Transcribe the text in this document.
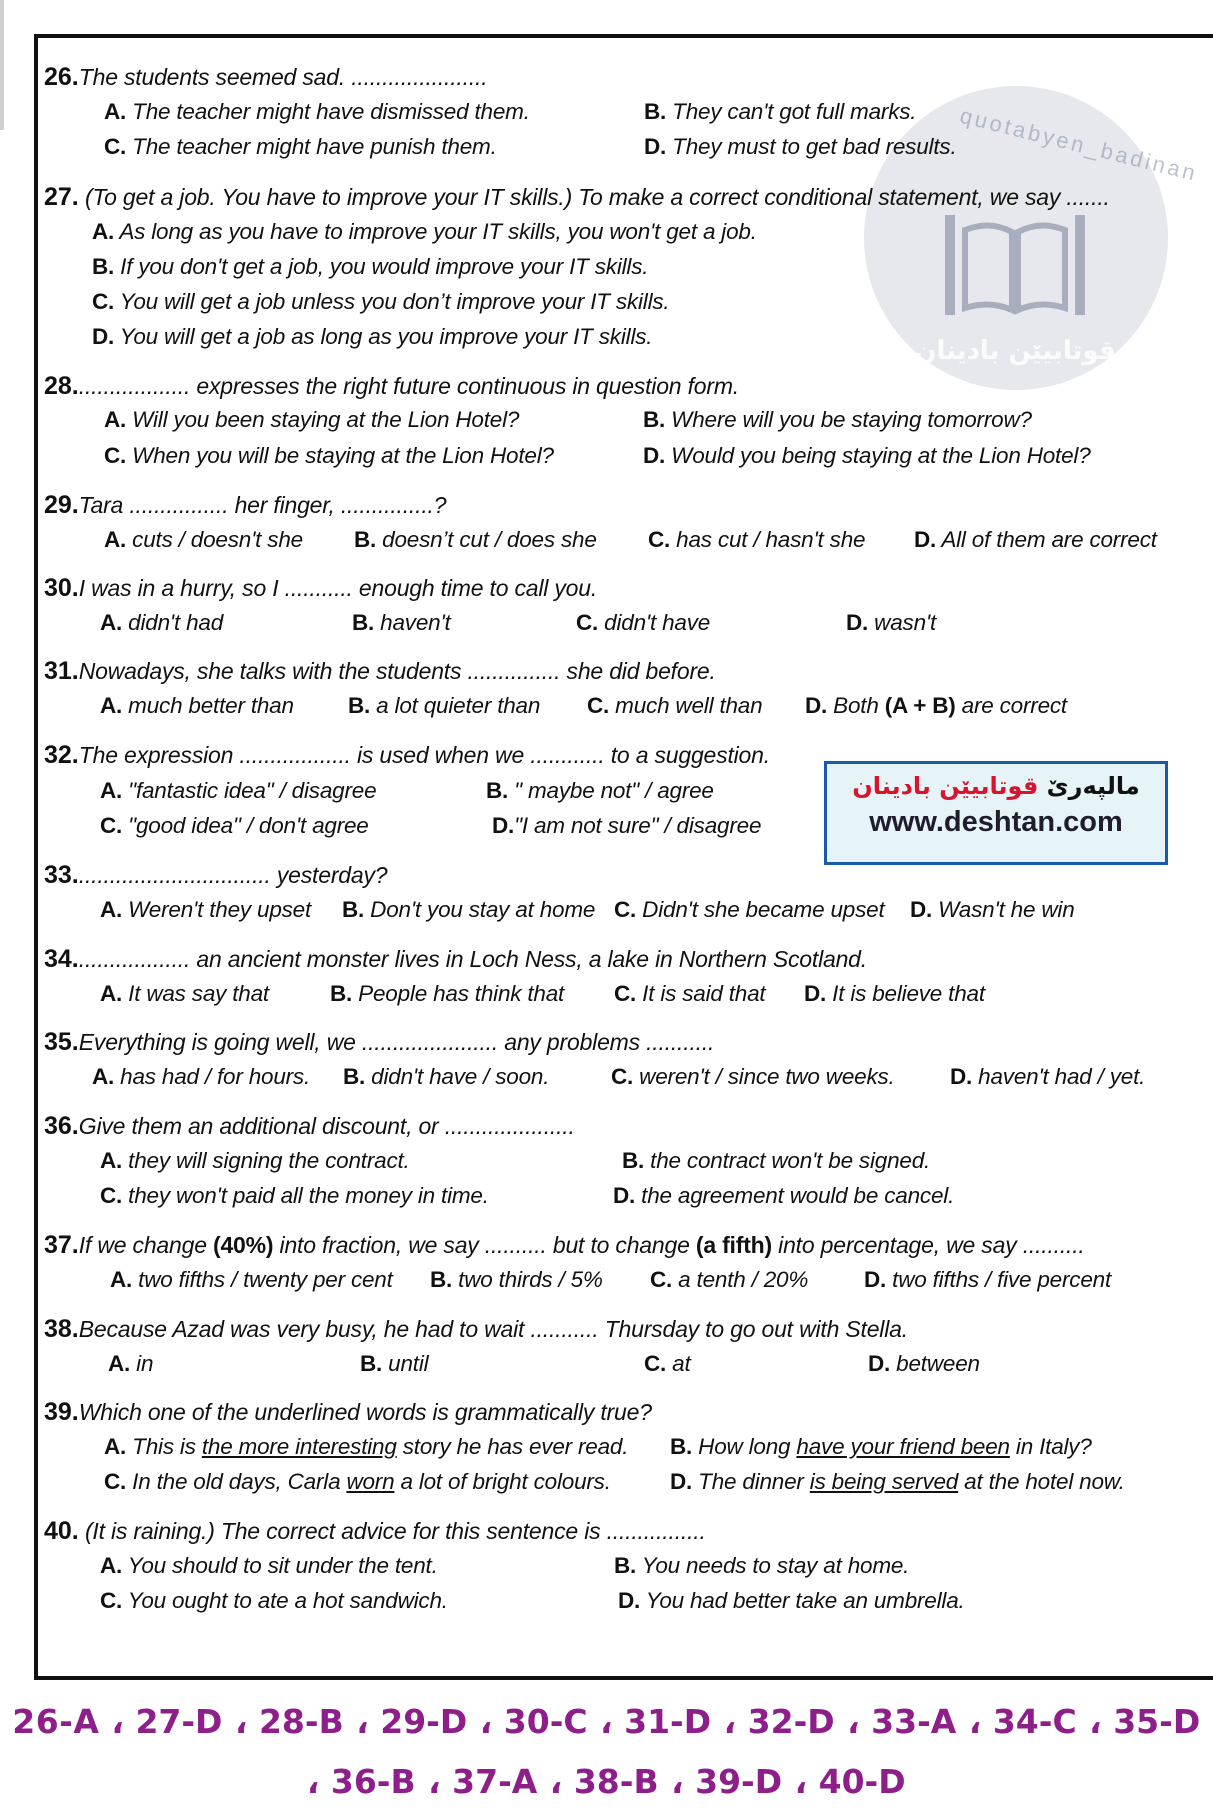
quotabyen_badinan
قوتابيێن بادينان
26.The students seemed sad. ......................
A. The teacher might have dismissed them.	B. They can't got full marks.
C. The teacher might have punish them.	D. They must to get bad results.
27. (To get a job. You have to improve your IT skills.) To make a correct conditional statement, we say .......
A. As long as you have to improve your IT skills, you won't get a job.
B. If you don't get a job, you would improve your IT skills.
C. You will get a job unless you don’t improve your IT skills.
D. You will get a job as long as you improve your IT skills.
28................... expresses the right future continuous in question form.
A. Will you been staying at the Lion Hotel?	B. Where will you be staying tomorrow?
C. When you will be staying at the Lion Hotel?	D. Would you being staying at the Lion Hotel?
29.Tara ................ her finger, ...............?
A. cuts / doesn't she B. doesn’t cut / does she C. has cut / hasn't she D. All of them are correct
30.I was in a hurry, so I ........... enough time to call you.
A. didn't had	B. haven't	C. didn't have	D. wasn't
31.Nowadays, she talks with the students ............... she did before.
A. much better than B. a lot quieter than C. much well than D. Both (A + B) are correct
32.The expression .................. is used when we ............ to a suggestion.
A. "fantastic idea" / disagree	B. " maybe not" / agree
C. "good idea" / don't agree	D."I am not sure" / disagree
مالپەرێ قوتابيێن بادينان
www.deshtan.com
33................................ yesterday?
A. Weren't they upset B. Don't you stay at home C. Didn't she became upset D. Wasn't he win
34................... an ancient monster lives in Loch Ness, a lake in Northern Scotland.
A. It was say that	B. People has think that C. It is said that D. It is believe that
35.Everything is going well, we ...................... any problems ...........
A. has had / for hours. B. didn't have / soon.	C. weren't / since two weeks. D. haven't had / yet.
36.Give them an additional discount, or .....................
A. they will signing the contract.	B. the contract won't be signed.
C. they won't paid all the money in time.	D. the agreement would be cancel.
37.If we change (40%) into fraction, we say .......... but to change (a fifth) into percentage, we say ..........
A. two fifths / twenty per cent B. two thirds / 5% C. a tenth / 20% D. two fifths / five percent
38.Because Azad was very busy, he had to wait ........... Thursday to go out with Stella.
A. in	B. until	C. at	D. between
39.Which one of the underlined words is grammatically true?
A. This is the more interesting story he has ever read. B. How long have your friend been in Italy?
C. In the old days, Carla worn a lot of bright colours.	D. The dinner is being served at the hotel now.
40. (It is raining.) The correct advice for this sentence is ................
A. You should to sit under the tent.	B. You needs to stay at home.
C. You ought to ate a hot sandwich.	D. You had better take an umbrella.
26-A ، 27-D ، 28-B ، 29-D ، 30-C ، 31-D ، 32-D ، 33-A ، 34-C ، 35-D
، 36-B ، 37-A ، 38-B ، 39-D ، 40-D
